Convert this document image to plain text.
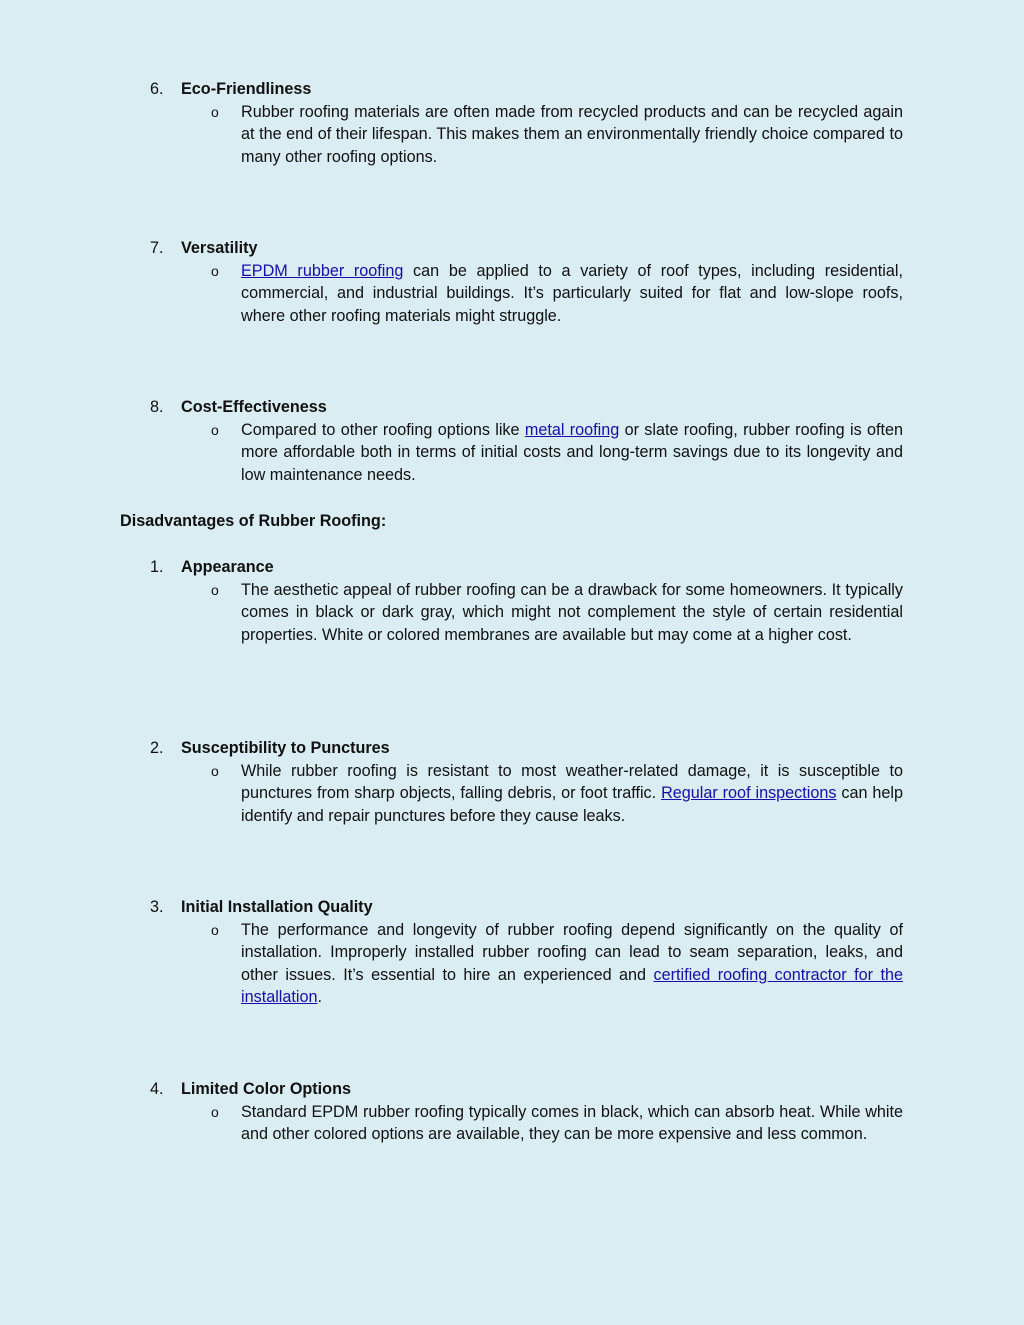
6.	Eco-Friendliness
o Rubber roofing materials are often made from recycled products and can be recycled again at the end of their lifespan. This makes them an environmentally friendly choice compared to many other roofing options.
7.	Versatility
o EPDM rubber roofing can be applied to a variety of roof types, including residential, commercial, and industrial buildings. It’s particularly suited for flat and low-slope roofs, where other roofing materials might struggle.
8.	Cost-Effectiveness
o Compared to other roofing options like metal roofing or slate roofing, rubber roofing is often more affordable both in terms of initial costs and long-term savings due to its longevity and low maintenance needs.
Disadvantages of Rubber Roofing:
1.	Appearance
o The aesthetic appeal of rubber roofing can be a drawback for some homeowners. It typically comes in black or dark gray, which might not complement the style of certain residential properties. White or colored membranes are available but may come at a higher cost.
2.	Susceptibility to Punctures
o While rubber roofing is resistant to most weather-related damage, it is susceptible to punctures from sharp objects, falling debris, or foot traffic. Regular roof inspections can help identify and repair punctures before they cause leaks.
3.	Initial Installation Quality
o The performance and longevity of rubber roofing depend significantly on the quality of installation. Improperly installed rubber roofing can lead to seam separation, leaks, and other issues. It’s essential to hire an experienced and certified roofing contractor for the installation.
4.	Limited Color Options
o Standard EPDM rubber roofing typically comes in black, which can absorb heat. While white and other colored options are available, they can be more expensive and less common.
